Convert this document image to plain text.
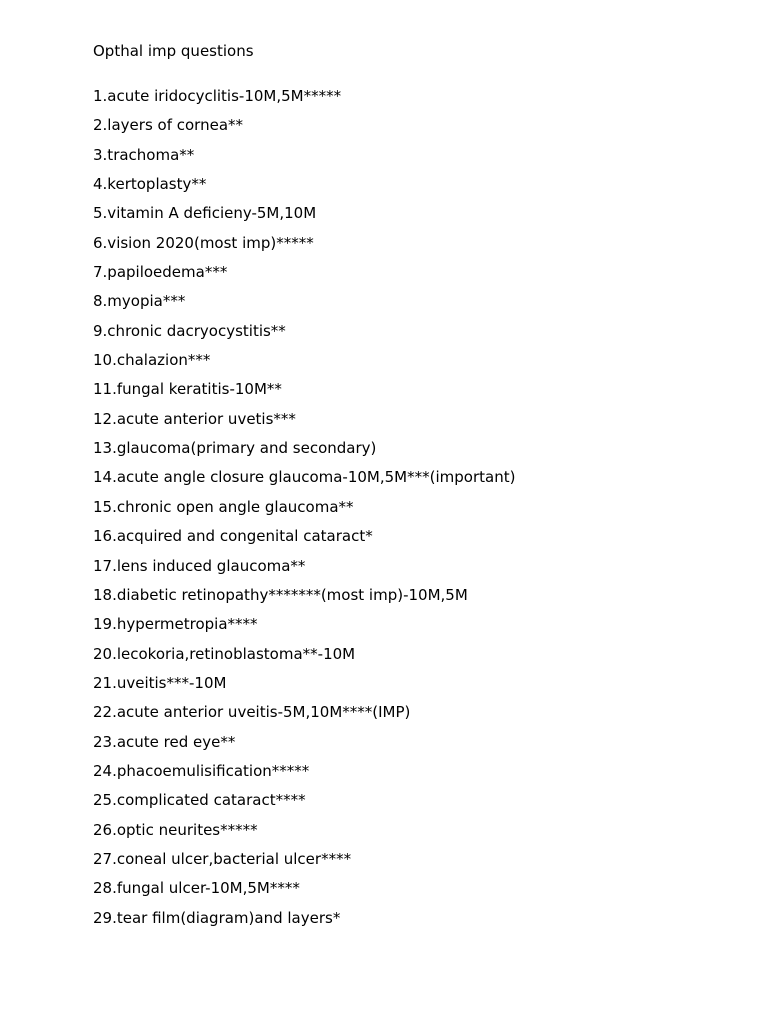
Opthal imp questions
1.acute iridocyclitis-10M,5M*****
2.layers of cornea**
3.trachoma**
4.kertoplasty**
5.vitamin A deficieny-5M,10M
6.vision 2020(most imp)*****
7.papiloedema***
8.myopia***
9.chronic dacryocystitis**
10.chalazion***
11.fungal keratitis-10M**
12.acute anterior uvetis***
13.glaucoma(primary and secondary)
14.acute angle closure glaucoma-10M,5M***(important)
15.chronic open angle glaucoma**
16.acquired and congenital cataract*
17.lens induced glaucoma**
18.diabetic retinopathy*******(most imp)-10M,5M
19.hypermetropia****
20.lecokoria,retinoblastoma**-10M
21.uveitis***-10M
22.acute anterior uveitis-5M,10M****(IMP)
23.acute red eye**
24.phacoemulisification*****
25.complicated cataract****
26.optic neurites*****
27.coneal ulcer,bacterial ulcer****
28.fungal ulcer-10M,5M****
29.tear film(diagram)and layers*
